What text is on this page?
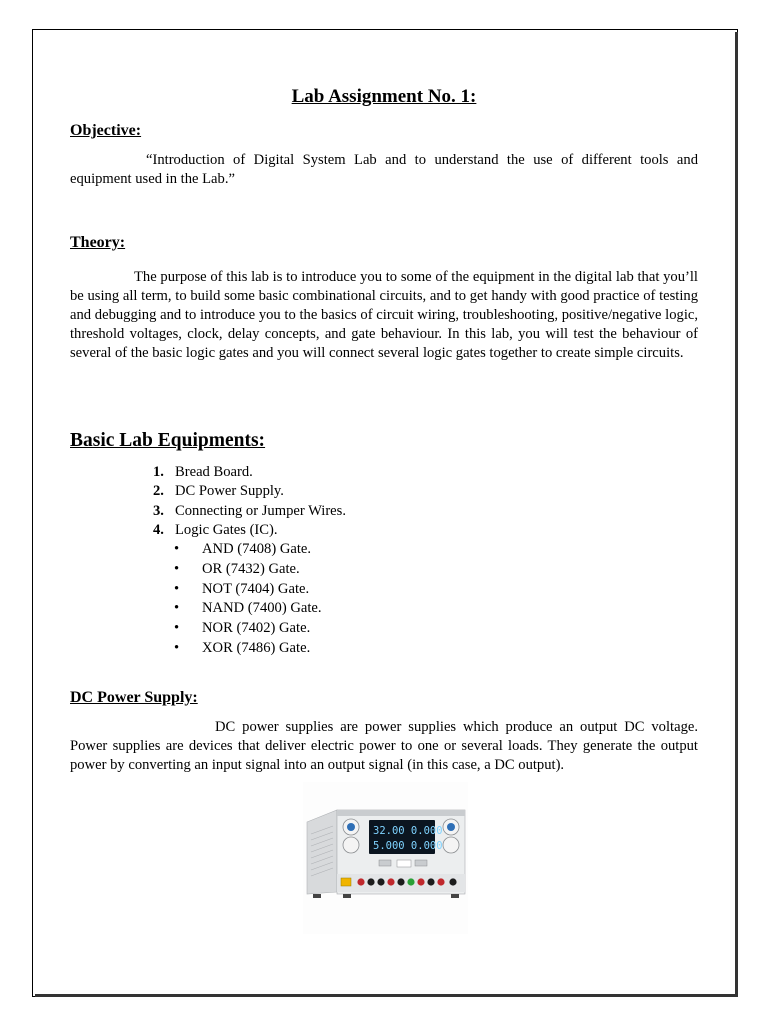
Lab Assignment No. 1:
Objective:
“Introduction of Digital System Lab and to understand the use of different tools and equipment used in the Lab.”
Theory:
The purpose of this lab is to introduce you to some of the equipment in the digital lab that you’ll be using all term, to build some basic combinational circuits, and to get handy with good practice of testing and debugging and to introduce you to the basics of circuit wiring, troubleshooting, positive/negative logic, threshold voltages, clock, delay concepts, and gate behaviour. In this lab, you will test the behaviour of several of the basic logic gates and you will connect several logic gates together to create simple circuits.
Basic Lab Equipments:
1. Bread Board.
2. DC Power Supply.
3. Connecting or Jumper Wires.
4. Logic Gates (IC).
• AND (7408) Gate.
• OR (7432) Gate.
• NOT (7404) Gate.
• NAND (7400) Gate.
• NOR (7402) Gate.
• XOR (7486) Gate.
DC Power Supply:
DC power supplies are power supplies which produce an output DC voltage. Power supplies are devices that deliver electric power to one or several loads. They generate the output power by converting an input signal into an output signal (in this case, a DC output).
32.00 0.000
5.000 0.000
